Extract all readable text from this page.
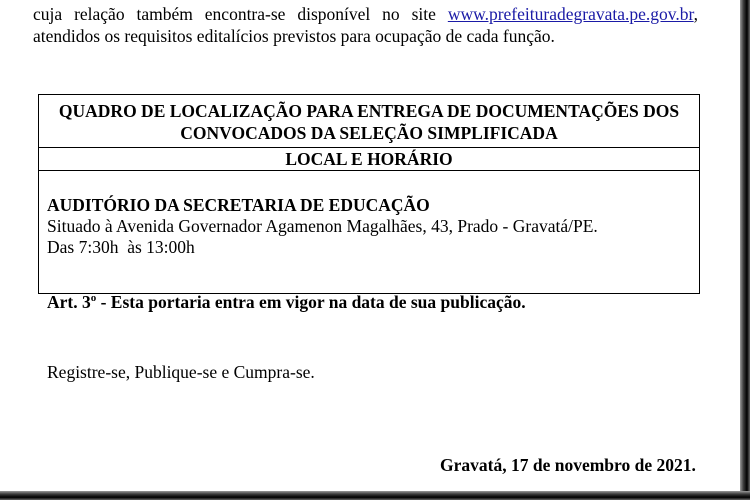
cuja relação também encontra-se disponível no site www.prefeituradegravata.pe.gov.br,
atendidos os requisitos editalícios previstos para ocupação de cada função.
QUADRO DE LOCALIZAÇÃO PARA ENTREGA DE DOCUMENTAÇÕES DOS
CONVOCADOS DA SELEÇÃO SIMPLIFICADA

LOCAL E HORÁRIO

AUDITÓRIO DA SECRETARIA DE EDUCAÇÃO
Situado à Avenida Governador Agamenon Magalhães, 43, Prado - Gravatá/PE.
Das 7:30h  às 13:00h
Art. 3$^o$ - Esta portaria entra em vigor na data de sua publicação.
Registre-se, Publique-se e Cumpra-se.
Gravatá, 17 de novembro de 2021.
